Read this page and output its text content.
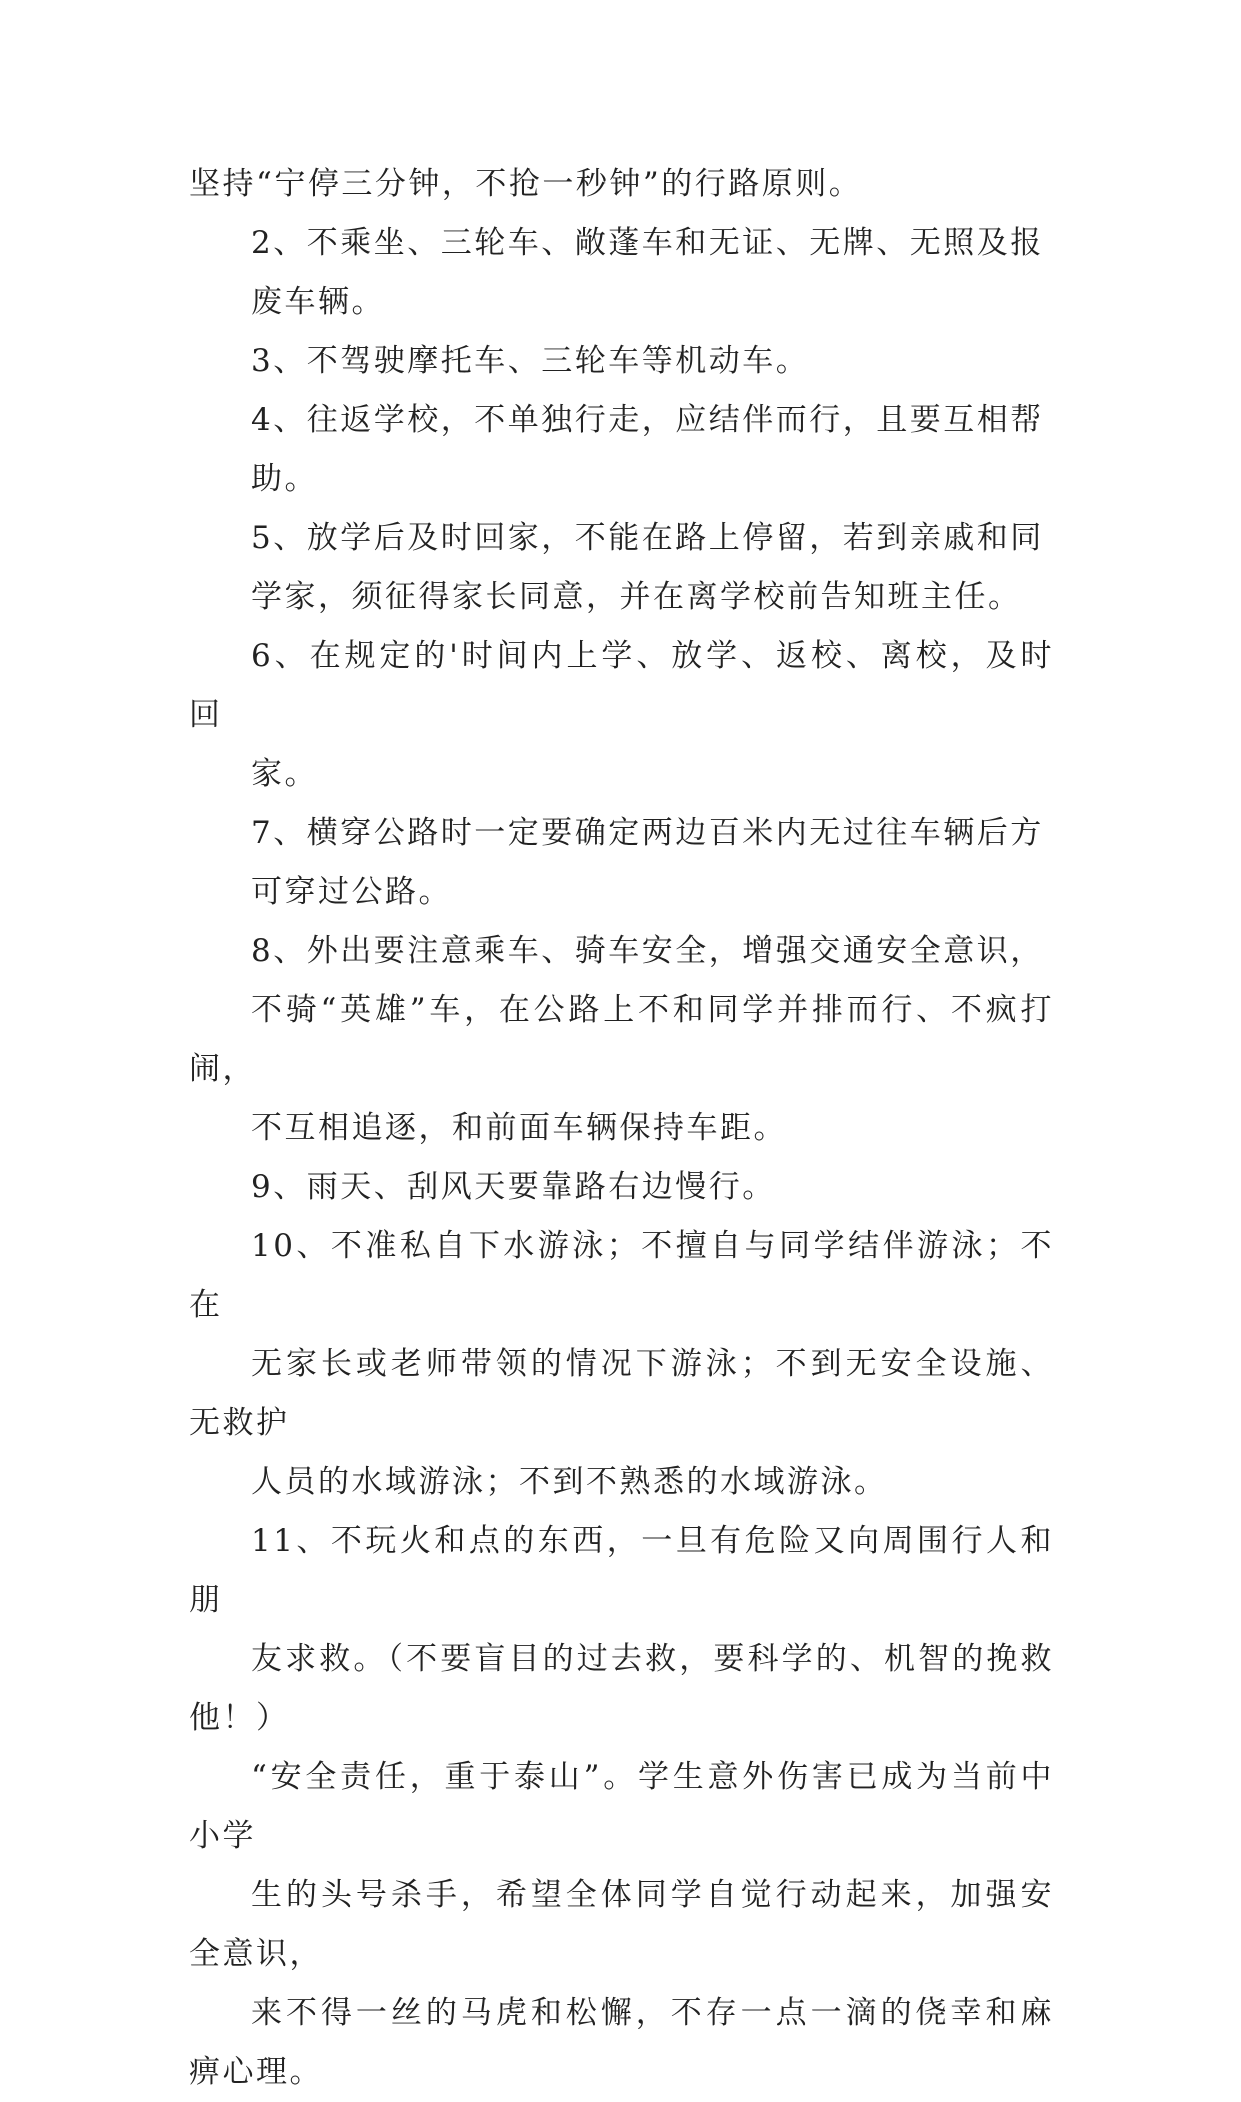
坚持“宁停三分钟，不抢一秒钟”的行路原则。

2、不乘坐、三轮车、敞蓬车和无证、无牌、无照及报
废车辆。

3、不驾驶摩托车、三轮车等机动车。

4、往返学校，不单独行走，应结伴而行，且要互相帮
助。

5、放学后及时回家，不能在路上停留，若到亲戚和同
学家，须征得家长同意，并在离学校前告知班主任。

6、在规定的'时间内上学、放学、返校、离校，及时回
家。

7、横穿公路时一定要确定两边百米内无过往车辆后方
可穿过公路。

8、外出要注意乘车、骑车安全，增强交通安全意识，
不骑“英雄”车，在公路上不和同学并排而行、不疯打闹，
不互相追逐，和前面车辆保持车距。

9、雨天、刮风天要靠路右边慢行。

10、不准私自下水游泳；不擅自与同学结伴游泳；不在
无家长或老师带领的情况下游泳；不到无安全设施、无救护
人员的水域游泳；不到不熟悉的水域游泳。

11、不玩火和点的东西，一旦有危险又向周围行人和朋
友求救。（不要盲目的过去救，要科学的、机智的挽救他！）
“安全责任，重于泰山”。学生意外伤害已成为当前中小学
生的头号杀手，希望全体同学自觉行动起来，加强安全意识，
来不得一丝的马虎和松懈，不存一点一滴的侥幸和麻痹心理。
